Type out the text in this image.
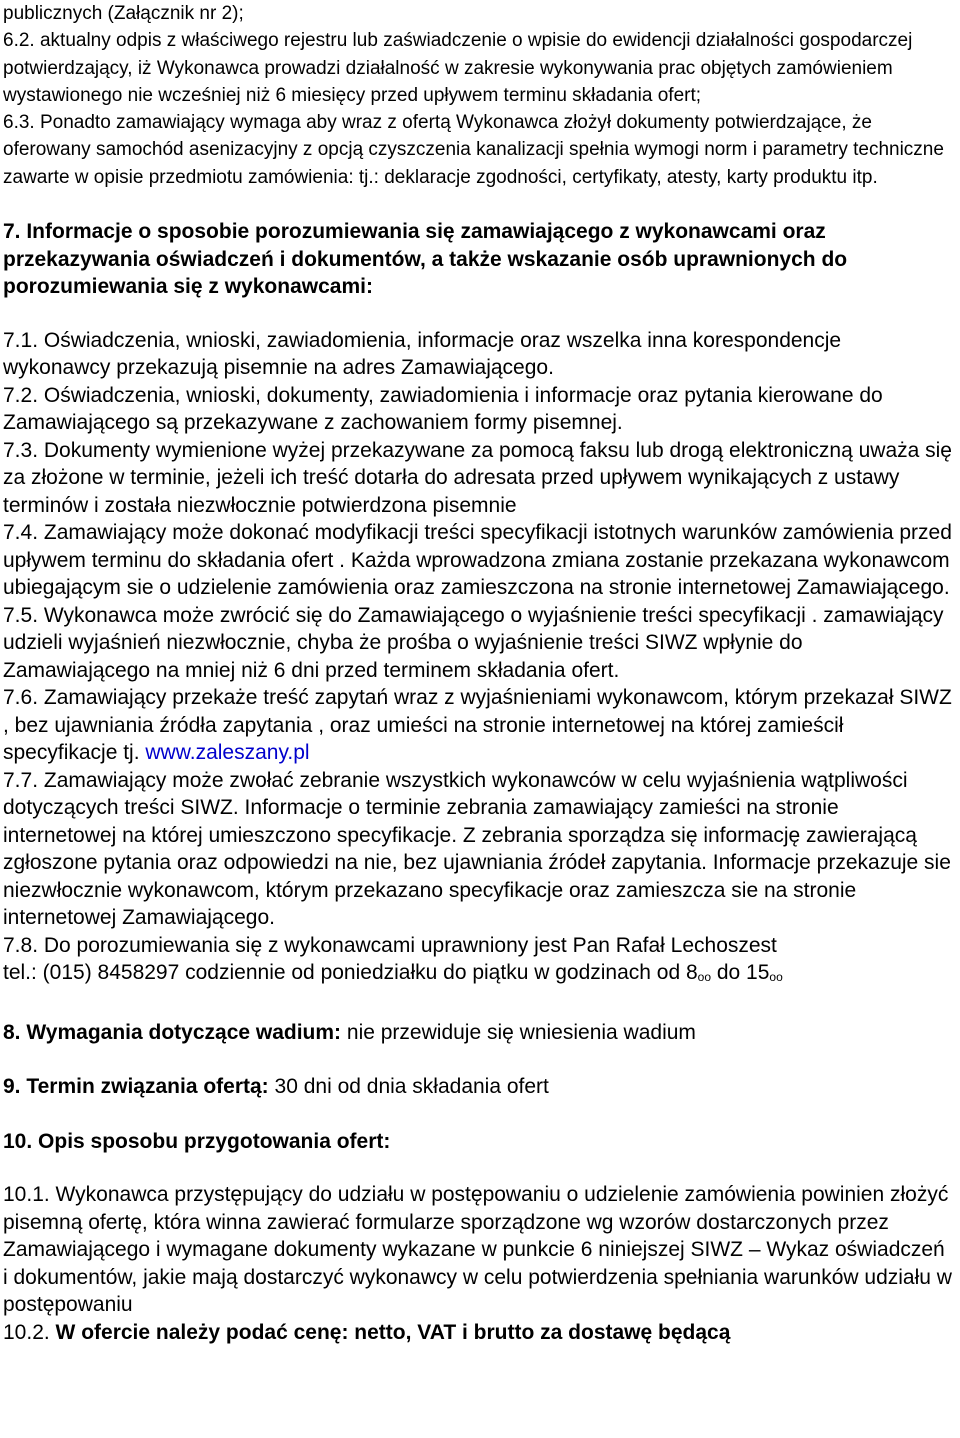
publicznych (Załącznik nr 2);

6.2. aktualny odpis z właściwego rejestru lub zaświadczenie o wpisie do ewidencji działalności gospodarczej potwierdzający, iż Wykonawca prowadzi działalność w zakresie wykonywania prac objętych zamówieniem wystawionego nie wcześniej niż 6 miesięcy przed upływem terminu składania ofert;

6.3. Ponadto zamawiający wymaga aby wraz z ofertą Wykonawca złożył dokumenty potwierdzające, że oferowany samochód asenizacyjny z opcją czyszczenia kanalizacji spełnia wymogi norm i parametry techniczne zawarte w opisie przedmiotu zamówienia: tj.: deklaracje zgodności, certyfikaty, atesty, karty produktu itp.

7. Informacje o sposobie porozumiewania się zamawiającego z wykonawcami oraz przekazywania oświadczeń i dokumentów, a także wskazanie osób uprawnionych do porozumiewania się z wykonawcami:

7.1. Oświadczenia, wnioski, zawiadomienia, informacje oraz wszelka inna korespondencje wykonawcy przekazują pisemnie na adres Zamawiającego.

7.2. Oświadczenia, wnioski, dokumenty, zawiadomienia i informacje oraz pytania kierowane do Zamawiającego są przekazywane z zachowaniem formy pisemnej.

7.3. Dokumenty wymienione wyżej przekazywane za pomocą faksu lub drogą elektroniczną uważa się za złożone w terminie, jeżeli ich treść dotarła do adresata przed upływem wynikających z ustawy terminów i została niezwłocznie potwierdzona pisemnie

7.4. Zamawiający może dokonać modyfikacji treści specyfikacji istotnych warunków zamówienia przed upływem terminu do składania ofert . Każda wprowadzona zmiana zostanie przekazana wykonawcom ubiegającym sie o udzielenie zamówienia oraz zamieszczona na stronie internetowej Zamawiającego.

7.5. Wykonawca może zwrócić się do Zamawiającego o wyjaśnienie treści specyfikacji . zamawiający udzieli wyjaśnień niezwłocznie, chyba że prośba o wyjaśnienie treści SIWZ wpłynie do Zamawiającego na mniej niż 6 dni przed terminem składania ofert.

7.6. Zamawiający przekaże treść zapytań wraz z wyjaśnieniami wykonawcom, którym przekazał SIWZ , bez ujawniania źródła zapytania , oraz umieści na stronie internetowej na której zamieścił specyfikacje tj. www.zaleszany.pl

7.7. Zamawiający może zwołać zebranie wszystkich wykonawców w celu wyjaśnienia wątpliwości dotyczących treści SIWZ. Informacje o terminie zebrania zamawiający zamieści na stronie internetowej na której umieszczono specyfikacje. Z zebrania sporządza się informację zawierającą zgłoszone pytania oraz odpowiedzi na nie, bez ujawniania źródeł zapytania. Informacje przekazuje sie niezwłocznie wykonawcom, którym przekazano specyfikacje oraz zamieszcza sie na stronie internetowej Zamawiającego.

7.8. Do porozumiewania się z wykonawcami uprawniony jest Pan Rafał Lechoszest

tel.: (015) 8458297 codziennie od poniedziałku do piątku w godzinach od 8oo do 15oo

8. Wymagania dotyczące wadium: nie przewiduje się wniesienia wadium

9. Termin związania ofertą: 30 dni od dnia składania ofert

10. Opis sposobu przygotowania ofert:

10.1. Wykonawca przystępujący do udziału w postępowaniu o udzielenie zamówienia powinien złożyć pisemną ofertę, która winna zawierać formularze sporządzone wg wzorów dostarczonych przez Zamawiającego i wymagane dokumenty wykazane w punkcie 6 niniejszej SIWZ – Wykaz oświadczeń i dokumentów, jakie mają dostarczyć wykonawcy w celu potwierdzenia spełniania warunków udziału w postępowaniu

10.2. W ofercie należy podać cenę: netto, VAT i brutto za dostawę będącą
